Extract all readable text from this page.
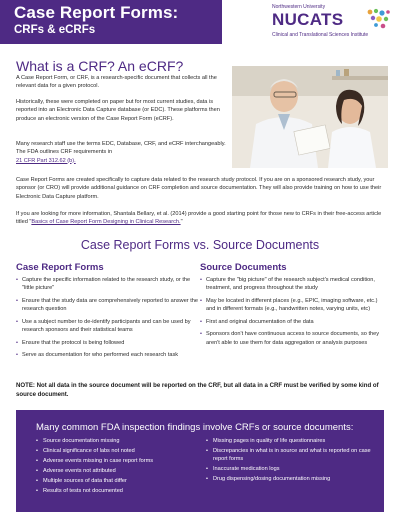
Case Report Forms:
CRFs & eCRFs
Northwestern University
NUCATS
Clinical and Translational Sciences Institute
What is a CRF? An eCRF?
A Case Report Form, or CRF, is a research-specific document that collects all the relevant data for a given protocol.
Historically, these were completed on paper but for most current studies, data is reported into an Electronic Data Capture database (or EDC). These platforms then produce an electronic version of the Case Report Form (eCRF).
Many research staff use the terms EDC, Database, CRF, and eCRF interchangeably. The FDA outlines CRF requirements in
21 CFR Part 312.62 (b).
Case Report Forms are created specifically to capture data related to the research study protocol. If you are on a sponsored research study, your sponsor (or CRO) will provide additional guidance on CRF completion and source documentation. They will also provide training on how to use their Electronic Data Capture platform.
If you are looking for more information, Shantala Bellary, et al. (2014) provide a good starting point for those new to CRFs in their free-access article titled "Basics of Case Report Form Designing in Clinical Research."
Case Report Forms vs. Source Documents
Case Report Forms
• Capture the specific information related to the research study, or the "little picture"
• Ensure that the study data are comprehensively reported to answer the research question
• Use a subject number to de-identify participants and can be used by research sponsors and their statistical teams
• Ensure that the protocol is being followed
• Serve as documentation for who performed each research task
Source Documents
• Capture the "big picture" of the research subject's medical condition, treatment, and progress throughout the study
• May be located in different places (e.g., EPIC, imaging software, etc.) and in different formats (e.g., handwritten notes, varying units, etc)
• First and original documentation of the data
• Sponsors don't have continuous access to source documents, so they aren't able to use them for data aggregation or analysis purposes
NOTE: Not all data in the source document will be reported on the CRF, but all data in a CRF must be verified by some kind of source document.
Many common FDA inspection findings involve CRFs or source documents:
• Source documentation missing
• Clinical significance of labs not noted
• Adverse events missing in case report forms
• Adverse events not attributed
• Multiple sources of data that differ
• Results of tests not documented
• Missing pages in quality of life questionnaires
• Discrepancies in what is in source and what is reported on case report forms
• Inaccurate medication logs
• Drug dispensing/dosing documentation missing
